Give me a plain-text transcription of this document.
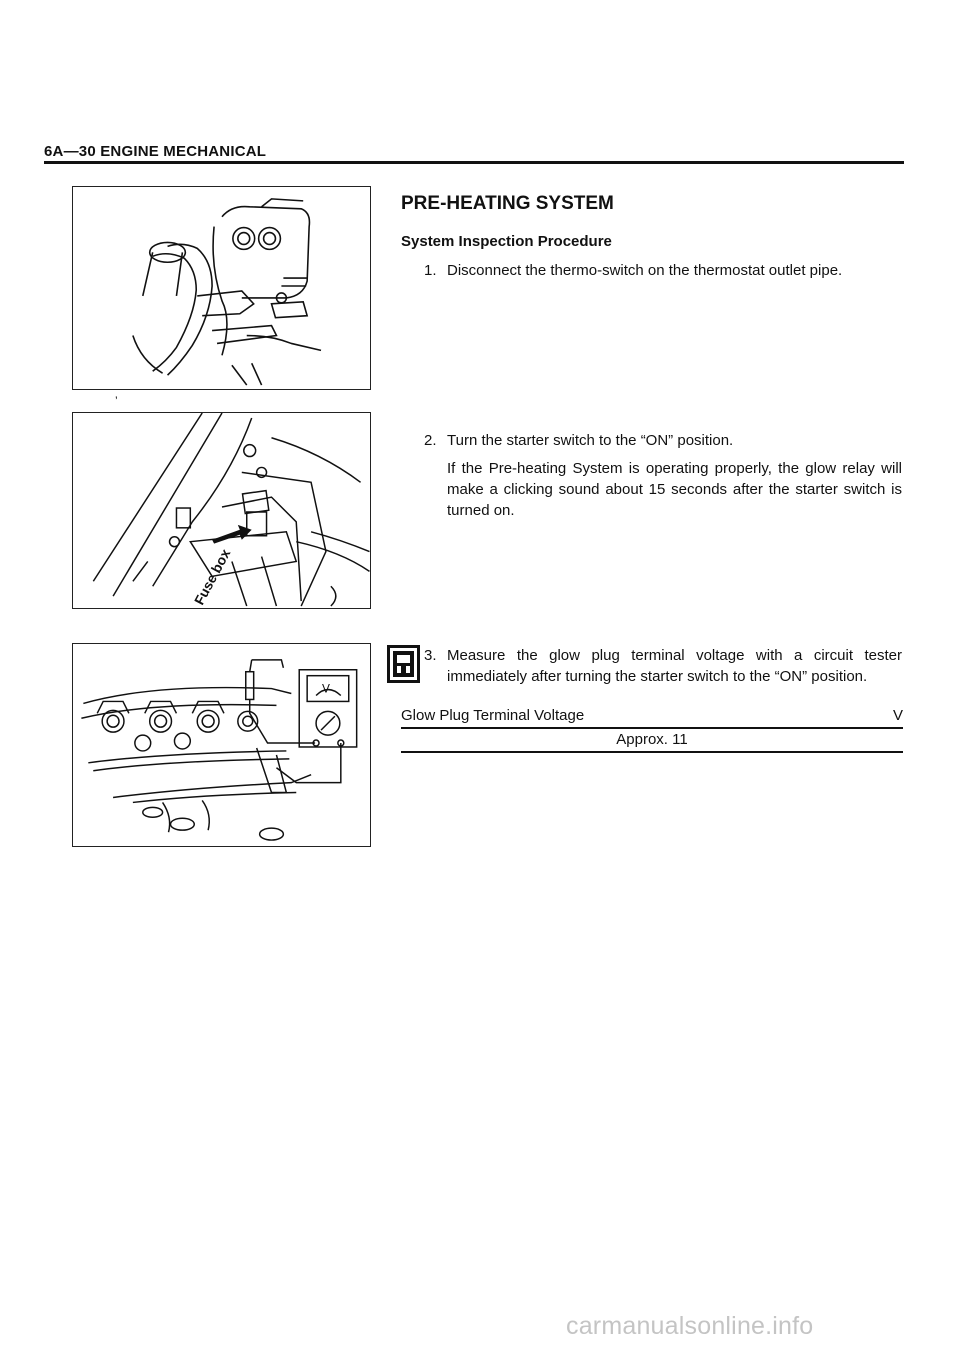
6A—30 ENGINE MECHANICAL
’
Fuse box
V
PRE-HEATING SYSTEM
System Inspection Procedure
1. Disconnect the thermo-switch on the thermostat outlet pipe.
2. Turn the starter switch to the “ON” position.
If the Pre-heating System is operating properly, the glow relay will make a clicking sound about 15 seconds after the starter switch is turned on.
3. Measure the glow plug terminal voltage with a circuit tester immediately after turning the starter switch to the “ON” position.
Glow Plug Terminal Voltage	V
Approx. 11
carmanualsonline.info
